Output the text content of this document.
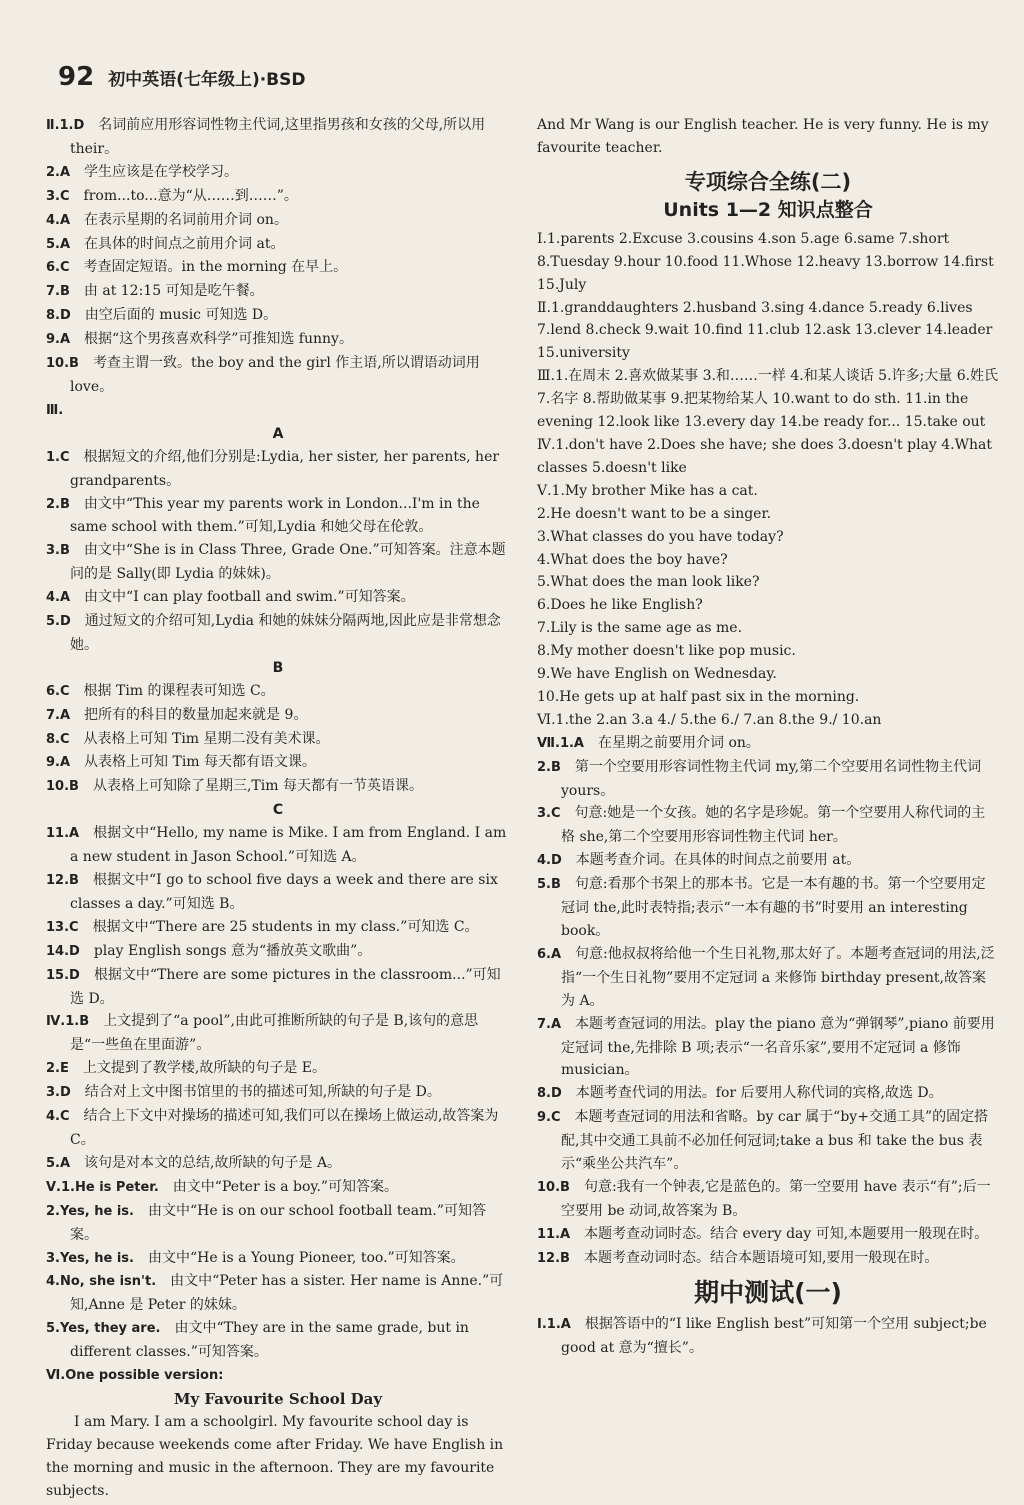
92 初中英语(七年级上)·BSD

Ⅱ.1.D　名词前应用形容词性物主代词,这里指男孩和女孩的父母,所以用 their。

2.A　学生应该是在学校学习。

3.C　from...to...意为“从……到……”。

4.A　在表示星期的名词前用介词 on。

5.A　在具体的时间点之前用介词 at。

6.C　考查固定短语。in the morning 在早上。

7.B　由 at 12:15 可知是吃午餐。

8.D　由空后面的 music 可知选 D。

9.A　根据“这个男孩喜欢科学”可推知选 funny。

10.B　考查主谓一致。the boy and the girl 作主语,所以谓语动词用 love。

Ⅲ.

A

1.C　根据短文的介绍,他们分别是:Lydia, her sister, her parents, her grandparents。

2.B　由文中“This year my parents work in London...I'm in the same school with them.”可知,Lydia 和她父母在伦敦。

3.B　由文中“She is in Class Three, Grade One.”可知答案。注意本题问的是 Sally(即 Lydia 的妹妹)。

4.A　由文中“I can play football and swim.”可知答案。

5.D　通过短文的介绍可知,Lydia 和她的妹妹分隔两地,因此应是非常想念她。

B

6.C　根据 Tim 的课程表可知选 C。

7.A　把所有的科目的数量加起来就是 9。

8.C　从表格上可知 Tim 星期二没有美术课。

9.A　从表格上可知 Tim 每天都有语文课。

10.B　从表格上可知除了星期三,Tim 每天都有一节英语课。

C

11.A　根据文中“Hello, my name is Mike. I am from England. I am a new student in Jason School.”可知选 A。

12.B　根据文中“I go to school five days a week and there are six classes a day.”可知选 B。

13.C　根据文中“There are 25 students in my class.”可知选 C。

14.D　play English songs 意为“播放英文歌曲”。

15.D　根据文中“There are some pictures in the classroom...”可知选 D。

Ⅳ.1.B　上文提到了“a pool”,由此可推断所缺的句子是 B,该句的意思是“一些鱼在里面游”。

2.E　上文提到了教学楼,故所缺的句子是 E。

3.D　结合对上文中图书馆里的书的描述可知,所缺的句子是 D。

4.C　结合上下文中对操场的描述可知,我们可以在操场上做运动,故答案为 C。

5.A　该句是对本文的总结,故所缺的句子是 A。

Ⅴ.1.He is Peter.　由文中“Peter is a boy.”可知答案。

2.Yes, he is.　由文中“He is on our school football team.”可知答案。

3.Yes, he is.　由文中“He is a Young Pioneer, too.”可知答案。

4.No, she isn't.　由文中“Peter has a sister. Her name is Anne.”可知,Anne 是 Peter 的妹妹。

5.Yes, they are.　由文中“They are in the same grade, but in different classes.”可知答案。

Ⅵ.One possible version:

My Favourite School Day

I am Mary. I am a schoolgirl. My favourite school day is Friday because weekends come after Friday. We have English in the morning and music in the afternoon. They are my favourite subjects.

And Mr Wang is our English teacher. He is very funny. He is my favourite teacher.

专项综合全练(二)

Units 1—2 知识点整合

Ⅰ.1.parents 2.Excuse 3.cousins 4.son 5.age 6.same 7.short 8.Tuesday 9.hour 10.food 11.Whose 12.heavy 13.borrow 14.first 15.July

Ⅱ.1.granddaughters 2.husband 3.sing 4.dance 5.ready 6.lives 7.lend 8.check 9.wait 10.find 11.club 12.ask 13.clever 14.leader 15.university

Ⅲ.1.在周末 2.喜欢做某事 3.和……一样 4.和某人谈话 5.许多;大量 6.姓氏 7.名字 8.帮助做某事 9.把某物给某人 10.want to do sth. 11.in the evening 12.look like 13.every day 14.be ready for... 15.take out

Ⅳ.1.don't have 2.Does she have; she does 3.doesn't play 4.What classes 5.doesn't like

Ⅴ.1.My brother Mike has a cat.

2.He doesn't want to be a singer.

3.What classes do you have today?

4.What does the boy have?

5.What does the man look like?

6.Does he like English?

7.Lily is the same age as me.

8.My mother doesn't like pop music.

9.We have English on Wednesday.

10.He gets up at half past six in the morning.

Ⅵ.1.the 2.an 3.a 4./ 5.the 6./ 7.an 8.the 9./ 10.an

Ⅶ.1.A　在星期之前要用介词 on。

2.B　第一个空要用形容词性物主代词 my,第二个空要用名词性物主代词 yours。

3.C　句意:她是一个女孩。她的名字是珍妮。第一个空要用人称代词的主格 she,第二个空要用形容词性物主代词 her。

4.D　本题考查介词。在具体的时间点之前要用 at。

5.B　句意:看那个书架上的那本书。它是一本有趣的书。第一个空要用定冠词 the,此时表特指;表示“一本有趣的书”时要用 an interesting book。

6.A　句意:他叔叔将给他一个生日礼物,那太好了。本题考查冠词的用法,泛指“一个生日礼物”要用不定冠词 a 来修饰 birthday present,故答案为 A。

7.A　本题考查冠词的用法。play the piano 意为“弹钢琴”,piano 前要用定冠词 the,先排除 B 项;表示“一名音乐家”,要用不定冠词 a 修饰 musician。

8.D　本题考查代词的用法。for 后要用人称代词的宾格,故选 D。

9.C　本题考查冠词的用法和省略。by car 属于“by+交通工具”的固定搭配,其中交通工具前不必加任何冠词;take a bus 和 take the bus 表示“乘坐公共汽车”。

10.B　句意:我有一个钟表,它是蓝色的。第一空要用 have 表示“有”;后一空要用 be 动词,故答案为 B。

11.A　本题考查动词时态。结合 every day 可知,本题要用一般现在时。

12.B　本题考查动词时态。结合本题语境可知,要用一般现在时。

期中测试(一)

Ⅰ.1.A　根据答语中的“I like English best”可知第一个空用 subject;be good at 意为“擅长”。
